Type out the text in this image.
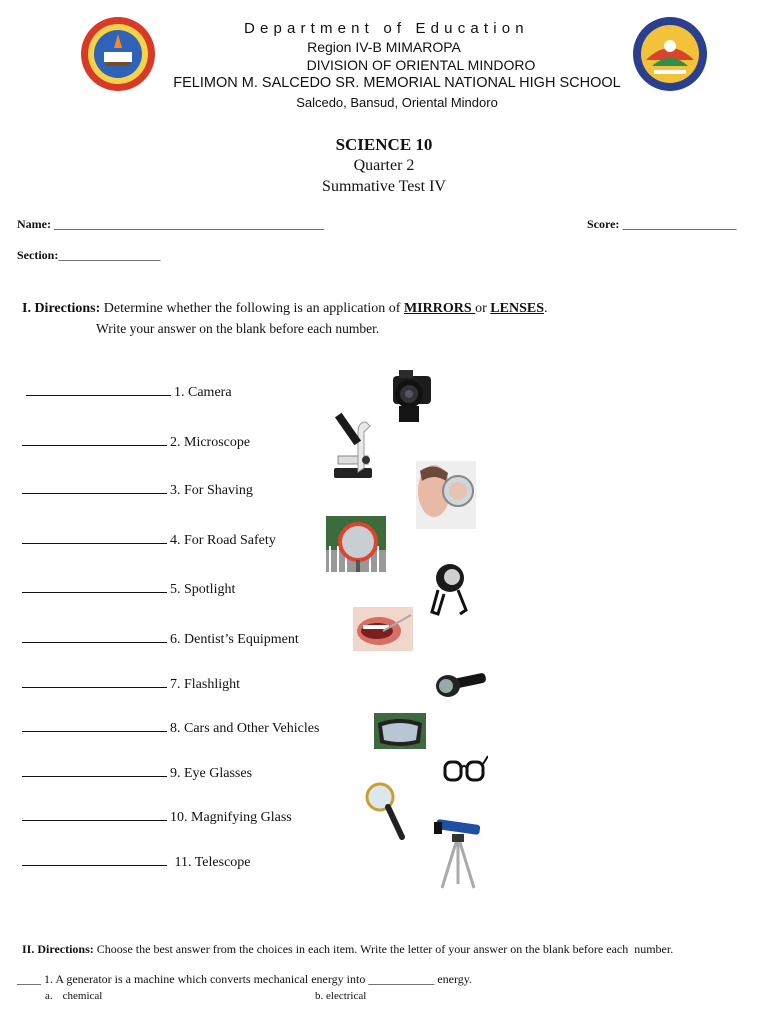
D e p a r t m e n t   o f   E d u c a t i o n
Region IV-B MIMAROPA
DIVISION OF ORIENTAL MINDORO
FELIMON M. SALCEDO SR. MEMORIAL NATIONAL HIGH SCHOOL
Salcedo, Bansud, Oriental Mindoro
SCIENCE 10
Quarter 2
Summative Test IV
Name: _____________________________________________	Score: ___________________
Section:_________________
I. Directions: Determine whether the following is an application of MIRRORS or LENSES.
Write your answer on the blank before each number.
1. Camera
2. Microscope
3. For Shaving
4. For Road Safety
5. Spotlight
6. Dentist’s Equipment
7. Flashlight
8. Cars and Other Vehicles
9. Eye Glasses
10. Magnifying Glass
11. Telescope
II. Directions: Choose the best answer from the choices in each item. Write the letter of your answer on the blank before each  number.
____ 1. A generator is a machine which converts mechanical energy into ___________ energy.
a. chemical	b. electrical
